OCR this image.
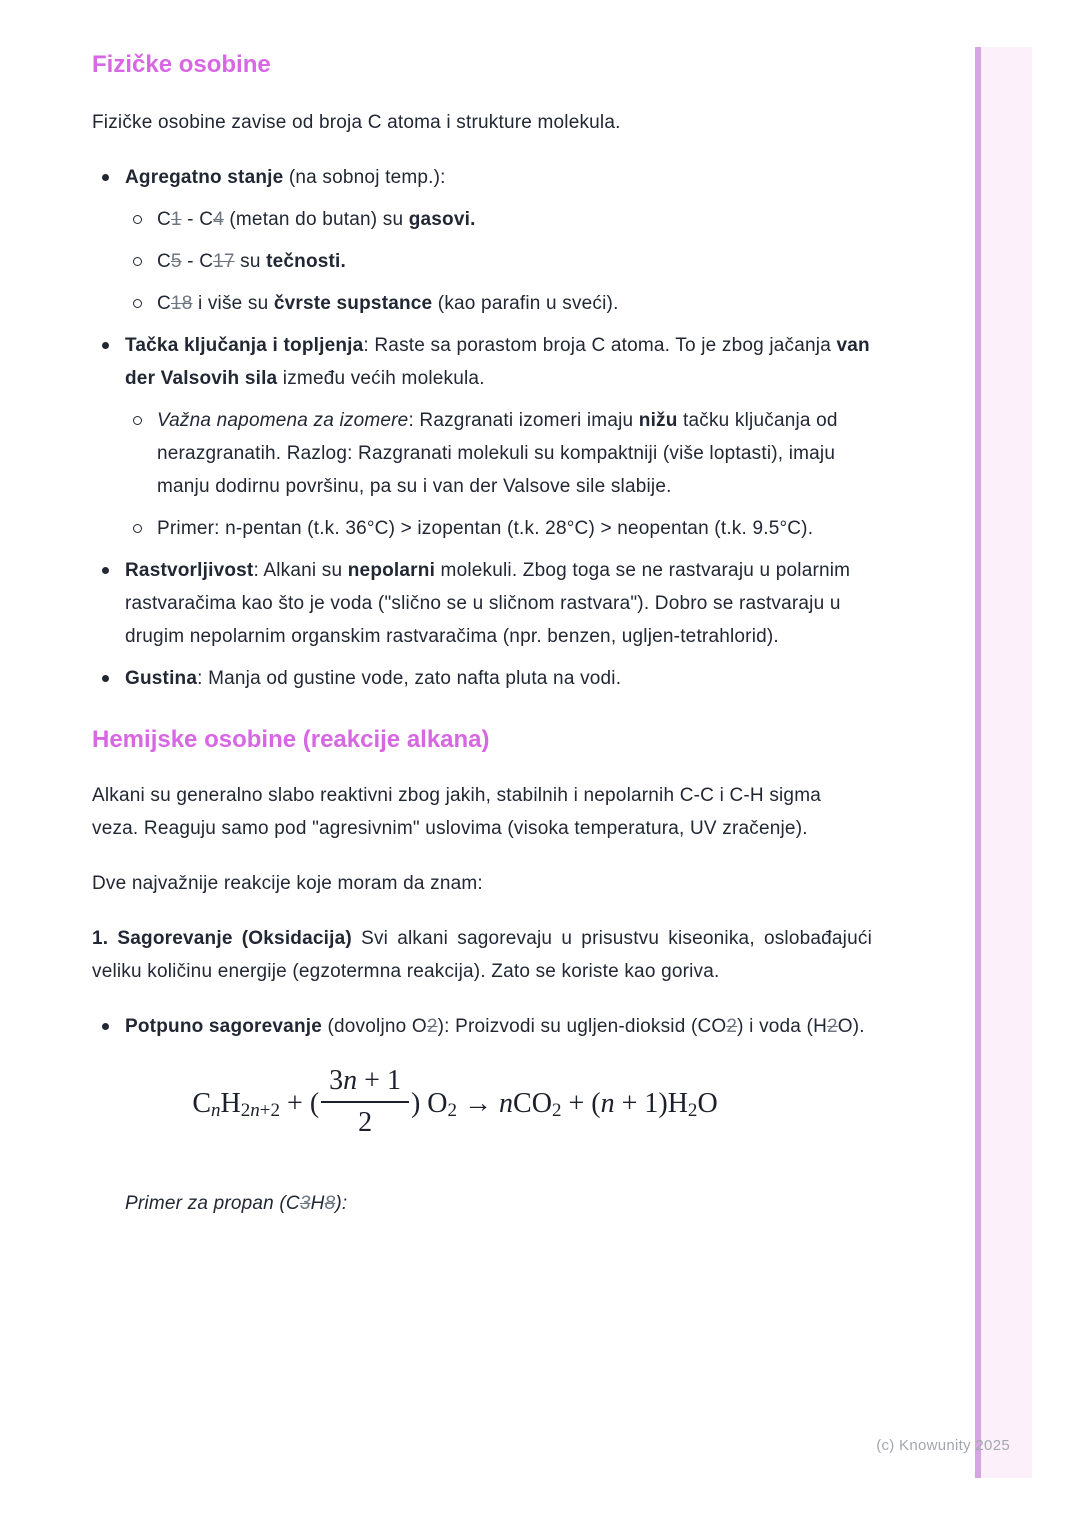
Fizičke osobine

Fizičke osobine zavise od broja C atoma i strukture molekula.

Agregatno stanje (na sobnoj temp.):
C1 - C4 (metan do butan) su gasovi.
C5 - C17 su tečnosti.
C18 i više su čvrste supstance (kao parafin u sveći).
Tačka ključanja i topljenja: Raste sa porastom broja C atoma. To je zbog jačanja van der Valsovih sila između većih molekula.
Važna napomena za izomere: Razgranati izomeri imaju nižu tačku ključanja od nerazgranatih. Razlog: Razgranati molekuli su kompaktniji (više loptasti), imaju manju dodirnu površinu, pa su i van der Valsove sile slabije.
Primer: n-pentan (t.k. 36°C) > izopentan (t.k. 28°C) > neopentan (t.k. 9.5°C).
Rastvorljivost: Alkani su nepolarni molekuli. Zbog toga se ne rastvaraju u polarnim rastvaračima kao što je voda ("slično se u sličnom rastvara"). Dobro se rastvaraju u drugim nepolarnim organskim rastvaračima (npr. benzen, ugljen-tetrahlorid).
Gustina: Manja od gustine vode, zato nafta pluta na vodi.
Hemijske osobine (reakcije alkana)

Alkani su generalno slabo reaktivni zbog jakih, stabilnih i nepolarnih C-C i C-H sigma veza. Reaguju samo pod "agresivnim" uslovima (visoka temperatura, UV zračenje).

Dve najvažnije reakcije koje moram da znam:

1. Sagorevanje (Oksidacija) Svi alkani sagorevaju u prisustvu kiseonika, oslobađajući veliku količinu energije (egzotermna reakcija). Zato se koriste kao goriva.

Potpuno sagorevanje (dovoljno O2): Proizvodi su ugljen-dioksid (CO2) i voda (H2O).
$C_nH_{2n+2}$ + ( $\frac{3n + 1}{2}$ ) $O_2 \to nCO_2 + (n + 1)H_2O$

Primer za propan (C3H8):

(c) Knowunity 2025
